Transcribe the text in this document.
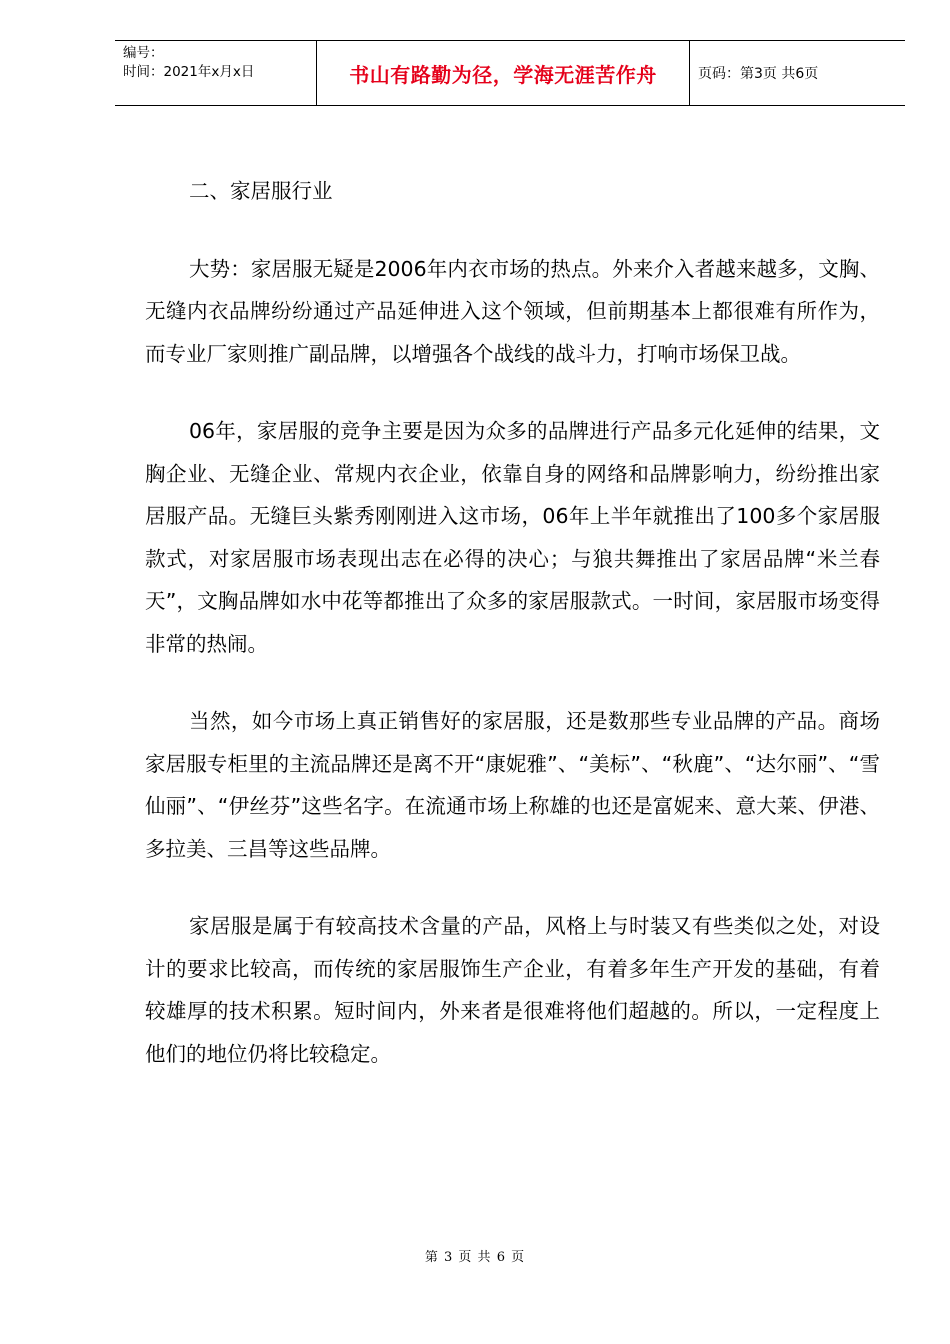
编号：
时间：2021年x月x日	书山有路勤为径，学海无涯苦作舟	页码：第3页 共6页
二、家居服行业

大势：家居服无疑是2006年内衣市场的热点。外来介入者越来越多，文胸、无缝内衣品牌纷纷通过产品延伸进入这个领域，但前期基本上都很难有所作为，而专业厂家则推广副品牌，以增强各个战线的战斗力，打响市场保卫战。

06年，家居服的竞争主要是因为众多的品牌进行产品多元化延伸的结果，文胸企业、无缝企业、常规内衣企业，依靠自身的网络和品牌影响力，纷纷推出家居服产品。无缝巨头紫秀刚刚进入这市场，06年上半年就推出了100多个家居服款式，对家居服市场表现出志在必得的决心；与狼共舞推出了家居品牌“米兰春天”，文胸品牌如水中花等都推出了众多的家居服款式。一时间，家居服市场变得非常的热闹。

当然，如今市场上真正销售好的家居服，还是数那些专业品牌的产品。商场家居服专柜里的主流品牌还是离不开“康妮雅”、“美标”、“秋鹿”、“达尔丽”、“雪仙丽”、“伊丝芬”这些名字。在流通市场上称雄的也还是富妮来、意大莱、伊港、多拉美、三昌等这些品牌。

家居服是属于有较高技术含量的产品，风格上与时装又有些类似之处，对设计的要求比较高，而传统的家居服饰生产企业，有着多年生产开发的基础，有着较雄厚的技术积累。短时间内，外来者是很难将他们超越的。所以，一定程度上他们的地位仍将比较稳定。

第 3 页 共 6 页
